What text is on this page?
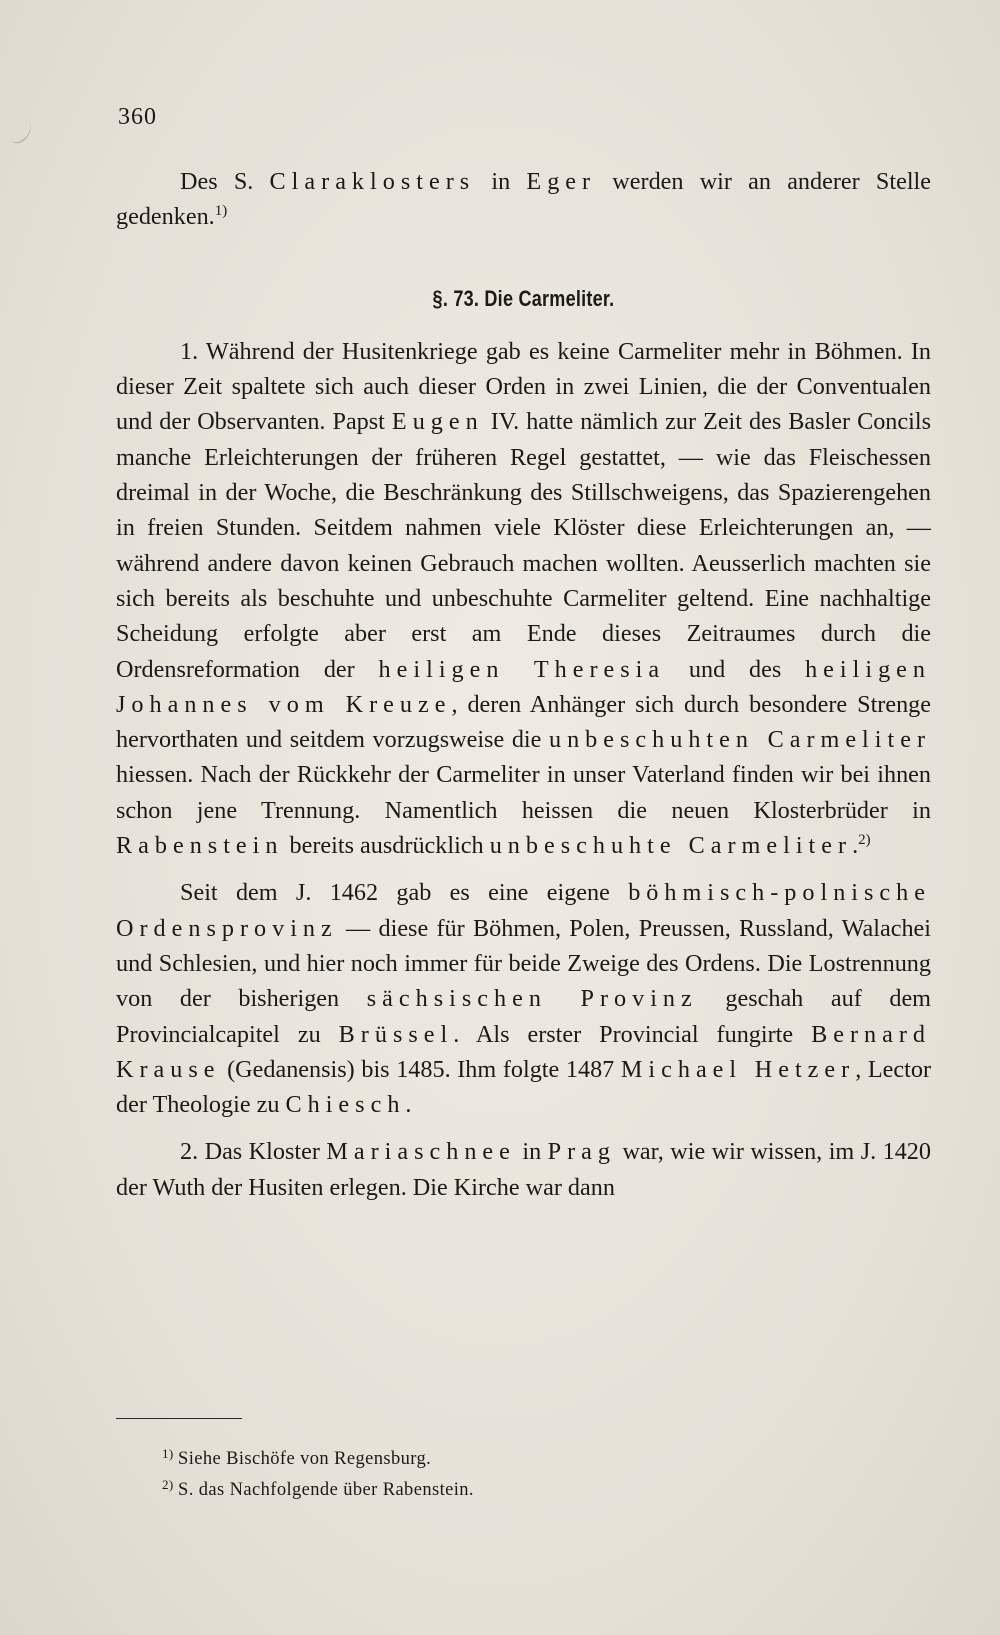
360

Des S. Claraklosters in Eger werden wir an anderer Stelle gedenken.$^{1)}$

§. 73. Die Carmeliter.

1. Während der Husitenkriege gab es keine Carmeliter mehr in Böhmen. In dieser Zeit spaltete sich auch dieser Orden in zwei Linien, die der Conventualen und der Observanten. Papst Eugen IV. hatte nämlich zur Zeit des Basler Concils manche Erleichterungen der früheren Regel gestattet, — wie das Fleischessen dreimal in der Woche, die Beschränkung des Stillschweigens, das Spazierengehen in freien Stunden. Seitdem nahmen viele Klöster diese Erleichterungen an, — während andere davon keinen Gebrauch machen wollten. Aeusserlich machten sie sich bereits als beschuhte und unbeschuhte Carmeliter geltend. Eine nachhaltige Scheidung erfolgte aber erst am Ende dieses Zeitraumes durch die Ordensreformation der heiligen Theresia und des heiligen Johannes vom Kreuze, deren Anhänger sich durch besondere Strenge hervorthaten und seitdem vorzugsweise die unbeschuhten Carmeliter hiessen. Nach der Rückkehr der Carmeliter in unser Vaterland finden wir bei ihnen schon jene Trennung. Namentlich heissen die neuen Klosterbrüder in Rabenstein bereits ausdrücklich unbeschuhte Carmeliter.$^{2)}$

Seit dem J. 1462 gab es eine eigene böhmisch-polnische Ordensprovinz — diese für Böhmen, Polen, Preussen, Russland, Walachei und Schlesien, und hier noch immer für beide Zweige des Ordens. Die Lostrennung von der bisherigen sächsischen Provinz geschah auf dem Provincialcapitel zu Brüssel. Als erster Provincial fungirte Bernard Krause (Gedanensis) bis 1485. Ihm folgte 1487 Michael Hetzer, Lector der Theologie zu Chiesch.

2. Das Kloster Mariaschnee in Prag war, wie wir wissen, im J. 1420 der Wuth der Husiten erlegen. Die Kirche war dann

1) Siehe Bischöfe von Regensburg.
2) S. das Nachfolgende über Rabenstein.
